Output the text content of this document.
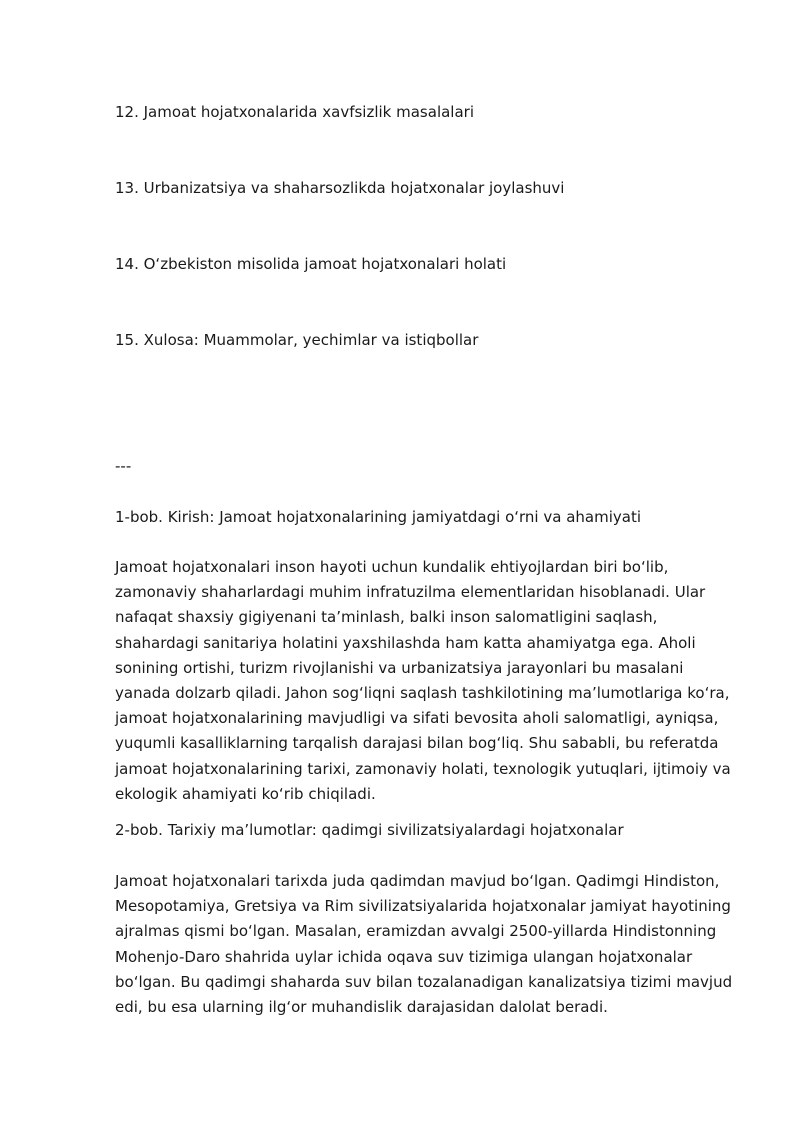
12. Jamoat hojatxonalarida xavfsizlik masalalari

13. Urbanizatsiya va shaharsozlikda hojatxonalar joylashuvi

14. O‘zbekiston misolida jamoat hojatxonalari holati

15. Xulosa: Muammolar, yechimlar va istiqbollar

---

1-bob. Kirish: Jamoat hojatxonalarining jamiyatdagi o‘rni va ahamiyati

Jamoat hojatxonalari inson hayoti uchun kundalik ehtiyojlardan biri bo‘lib,
zamonaviy shaharlardagi muhim infratuzilma elementlaridan hisoblanadi. Ular
nafaqat shaxsiy gigiyenani ta’minlash, balki inson salomatligini saqlash,
shahardagi sanitariya holatini yaxshilashda ham katta ahamiyatga ega. Aholi
sonining ortishi, turizm rivojlanishi va urbanizatsiya jarayonlari bu masalani
yanada dolzarb qiladi. Jahon sog‘liqni saqlash tashkilotining ma’lumotlariga ko‘ra,
jamoat hojatxonalarining mavjudligi va sifati bevosita aholi salomatligi, ayniqsa,
yuqumli kasalliklarning tarqalish darajasi bilan bog‘liq. Shu sababli, bu referatda
jamoat hojatxonalarining tarixi, zamonaviy holati, texnologik yutuqlari, ijtimoiy va
ekologik ahamiyati ko‘rib chiqiladi.

2-bob. Tarixiy ma’lumotlar: qadimgi sivilizatsiyalardagi hojatxonalar

Jamoat hojatxonalari tarixda juda qadimdan mavjud bo‘lgan. Qadimgi Hindiston,
Mesopotamiya, Gretsiya va Rim sivilizatsiyalarida hojatxonalar jamiyat hayotining
ajralmas qismi bo‘lgan. Masalan, eramizdan avvalgi 2500-yillarda Hindistonning
Mohenjo-Daro shahrida uylar ichida oqava suv tizimiga ulangan hojatxonalar
bo‘lgan. Bu qadimgi shaharda suv bilan tozalanadigan kanalizatsiya tizimi mavjud
edi, bu esa ularning ilg‘or muhandislik darajasidan dalolat beradi.
